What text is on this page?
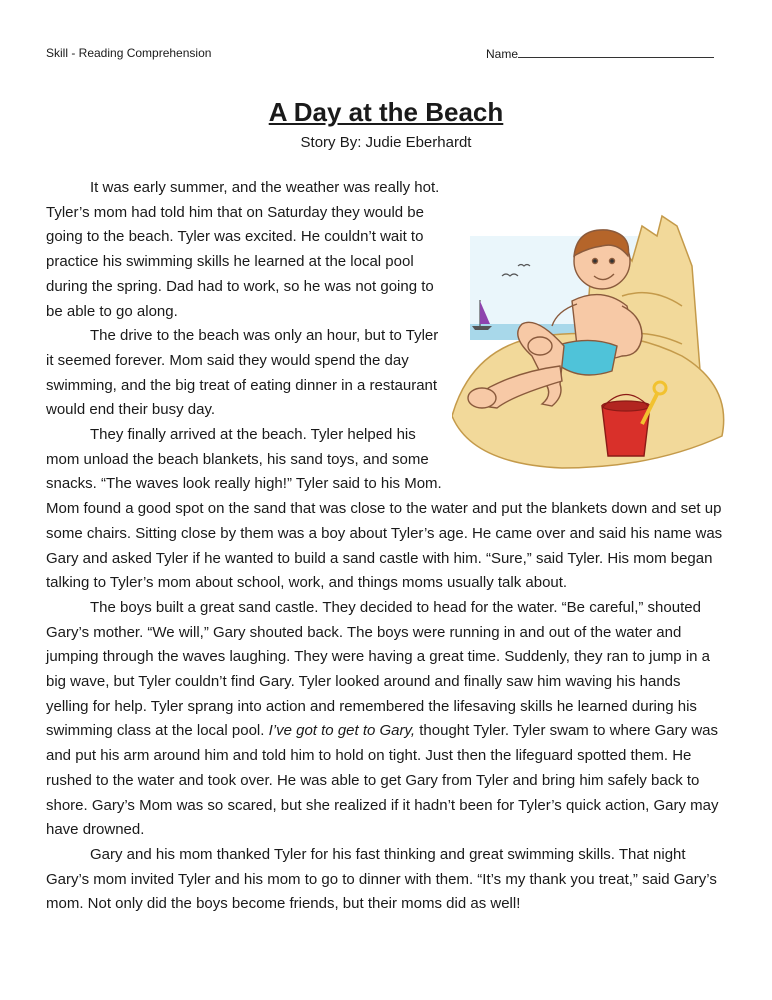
Skill - Reading Comprehension	Name
A Day at the Beach
Story By: Judie Eberhardt

It was early summer, and the weather was really hot. Tyler’s mom had told him that on Saturday they would be going to the beach. Tyler was excited. He couldn’t wait to practice his swimming skills he learned at the local pool during the spring. Dad had to work, so he was not going to be able to go along.

The drive to the beach was only an hour, but to Tyler it seemed forever. Mom said they would spend the day swimming, and the big treat of eating dinner in a restaurant would end their busy day.

They finally arrived at the beach. Tyler helped his mom unload the beach blankets, his sand toys, and some snacks. “The waves look really high!” Tyler said to his Mom. Mom found a good spot on the sand that was close to the water and put the blankets down and set up some chairs. Sitting close by them was a boy about Tyler’s age. He came over and said his name was Gary and asked Tyler if he wanted to build a sand castle with him. “Sure,” said Tyler. His mom began talking to Tyler’s mom about school, work, and things moms usually talk about.

The boys built a great sand castle. They decided to head for the water. “Be careful,” shouted Gary’s mother. “We will,” Gary shouted back. The boys were running in and out of the water and jumping through the waves laughing. They were having a great time. Suddenly, they ran to jump in a big wave, but Tyler couldn’t find Gary. Tyler looked around and finally saw him waving his hands yelling for help. Tyler sprang into action and remembered the lifesaving skills he learned during his swimming class at the local pool. I’ve got to get to Gary, thought Tyler. Tyler swam to where Gary was and put his arm around him and told him to hold on tight. Just then the lifeguard spotted them. He rushed to the water and took over. He was able to get Gary from Tyler and bring him safely back to shore. Gary’s Mom was so scared, but she realized if it hadn’t been for Tyler’s quick action, Gary may have drowned.

Gary and his mom thanked Tyler for his fast thinking and great swimming skills. That night Gary’s mom invited Tyler and his mom to go to dinner with them. “It’s my thank you treat,” said Gary’s mom. Not only did the boys become friends, but their moms did as well!
